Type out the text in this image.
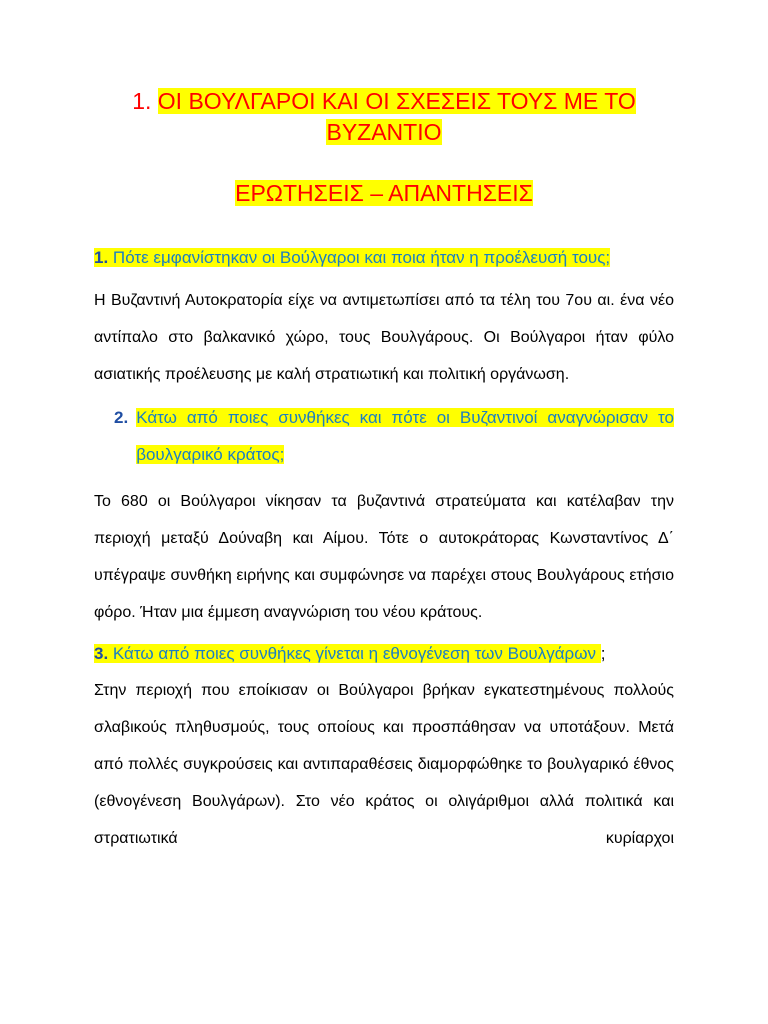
1. ΟΙ ΒΟΥΛΓΑΡΟΙ ΚΑΙ ΟΙ ΣΧΕΣΕΙΣ ΤΟΥΣ ΜΕ ΤΟ
ΒΥΖΑΝΤΙΟ
ΕΡΩΤΗΣΕΙΣ – ΑΠΑΝΤΗΣΕΙΣ

1. Πότε εμφανίστηκαν οι Βούλγαροι και ποια ήταν η προέλευσή τους;

Η Βυζαντινή Αυτοκρατορία είχε να αντιμετωπίσει από τα τέλη του 7ου αι. ένα νέο αντίπαλο στο βαλκανικό χώρο, τους Βουλγάρους. Οι Βούλγαροι ήταν φύλο ασιατικής προέλευσης με καλή στρατιωτική και πολιτική οργάνωση.

2. Κάτω από ποιες συνθήκες και πότε οι Βυζαντινοί αναγνώρισαν το βουλγαρικό κράτος;

Το 680 οι Βούλγαροι νίκησαν τα βυζαντινά στρατεύματα και κατέλαβαν την περιοχή μεταξύ Δούναβη και Αίμου. Τότε ο αυτοκράτορας Κωνσταντίνος Δ΄ υπέγραψε συνθήκη ειρήνης και συμφώνησε να παρέχει στους Βουλγάρους ετήσιο φόρο. Ήταν μια έμμεση αναγνώριση του νέου κράτους.

3. Κάτω από ποιες συνθήκες γίνεται η εθνογένεση των Βουλγάρων ;

Στην περιοχή που εποίκισαν οι Βούλγαροι βρήκαν εγκατεστημένους πολλούς σλαβικούς πληθυσμούς, τους οποίους και προσπάθησαν να υποτάξουν. Μετά από πολλές συγκρούσεις και αντιπαραθέσεις διαμορφώθηκε το βουλγαρικό έθνος (εθνογένεση Βουλγάρων). Στο νέο κράτος οι ολιγάριθμοι αλλά πολιτικά και στρατιωτικά κυρίαρχοι
